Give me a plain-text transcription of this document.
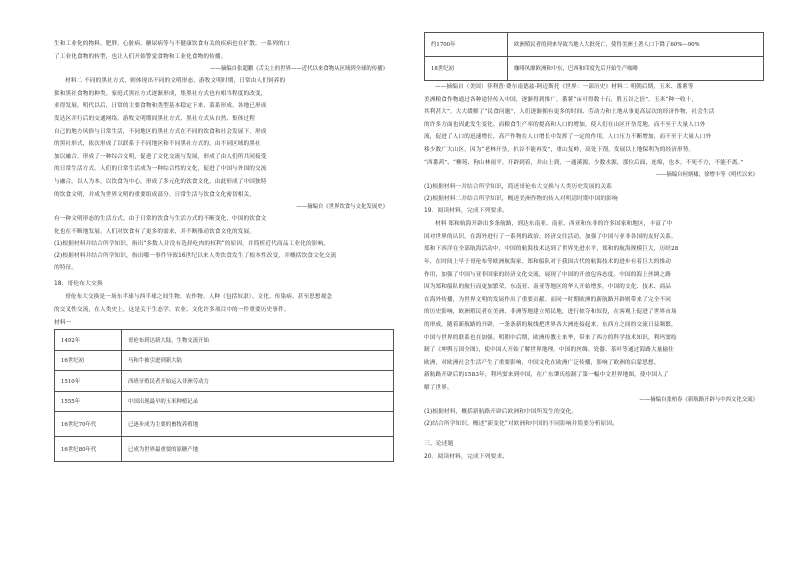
生和工业化的物料。肥胖、心脏病、糖尿病等与不健康饮食有关的疾病也在扩散。一系列的口

了工业化食物的转型，也让人们开始警觉食物和工业化食物的传播。

——摘编自张超鹏《舌尖上的世界——近代以来食物从区域到全球的传播》

材料二 不同的黑社方式，则体现出不同的文明形态。游牧文明时期，日常由人们饲养的

狱和黑社食物的种类。家庭式黑社方式逐渐形成，集黑社方式也有相当程度的改变，

求得发展。明代以后，日常的主要食物和类型基本稳定下来，菜系形成。各地已形成

发达区并行后的交通网络。游牧文明期间黑社方式、黑社方式从自然、集体过程

自己的地方风俗与日常生活，不同地区的黑社方式在不同的饮食和社会发展下，形成

的黑社形式，依次形成了以联系于不同地区和不同黑社方式的，由不同区域的黑社

加以融合，形成了一种综合文明，促进了文化交流与发展，形成了由人们所共同接受

的日常生活方式。人们的日常生活成为一种综合性的文化，促进了中国与外国的交流

与融合。以人为本，以饮食为中心，形成了多元化的饮食文化，由此形成了中国独特

的饮食文明，并成为世界文明的重要组成部分。日常生活与饮食文化密切相关，

——摘编自《世界饮食与文化发展史》

有一种文明形态的生活方式。由于日常的饮食与生活方式的不断变化，中国的饮食文

化也在不断地发展。人们对饮食有了更多的需求，并不断推动饮食文化的发展。

(1)根据材料并结合所学知识，指出“多数人并没有选择吃肉的权利”的原因，并简析近代商品工业化的影响。

(2)根据材料并结合所学知识，指出哪一事件导致16世纪以来人类饮食发生了根本性改变，并概括饮食文化交流

的特征。

18．哥伦布大交换

哥伦布大交换是一场东半球与西半球之间生物、农作物、人种（包括奴隶）、文化、传染病、甚至思想观念

的交叉性交流，在人类史上，这是关于生态学、农业、文化许多项目中的一件重要历史事件。

材料一

1492年	哥伦布到达新大陆，生物交流开始
16世纪初	马和牛被引进到新大陆
1510年	西班牙殖民者开始运入非洲劳动力
1555年	中国出现最早的玉米种植记录
16世纪70年代	已逐步成为主要的畜牧养殖地
16世纪80年代	已成为世界最重要的原糖产地
约1700年	欧洲殖民者的到来导致当地人大批死亡，使得美洲土著人口下降了60%—90%
18世纪初	咖啡风靡欧洲和中东，巴西和印度先后开始生产咖啡

——摘编自（美国）菲利普·费尔南德兹-阿迈斯托《世界：一部历史》材料二 明朝后期，玉米、番薯等

美洲粮食作物通过各种途径传入中国，逐渐得到推广。番薯“亩可得数十石，胜五谷之倍”。玉米“种一收十，

其利甚大”。大大缓解了“民食问题”，人们逐渐拥有更多的时间、劳动力和土地从事更高层次的经济作物，社会生活

的许多方面也因此发生变化。而粮食生产率的提高和人口的增加，使人们在山区开垦荒地，而不至于大量人口外

流，促进了人口的迅速增长，高产作物在人口增长中发挥了一定的作用，人口压力不断增加，而不至于大量人口外

移少数广大山区。因为“老林开垦，扒谷不能再发”，重山复岭，高处下削，发展以土地保利为的经济形势。

“西番茜”、“柳苑、狗山林雨平，开辟到着，并山上到，一通溪源，少数水源，那位后面，连绵，也本，不死不方，不能不离。”

——摘编自何炳棣，徐增丰等《明代以来》

(1)根据材料一并结合所学知识，简述哥伦布大交换与人类历史发展的关系

(2)根据材料二并结合所学知识，概述美洲作物的传入对明清时期中国的影响

19．阅读材料，完成下列要求。

材料 郑和航海开辟出多条航路，到达东南亚、南亚、西亚和东非的许多国家和地区，丰富了中

国对世界的认识，在海外进行了一系列的政治、经济交往活动，加强了中国与亚非各国的友好关系。

郑和下西洋在全部航海活动中，中国的航海技术达到了世界先进水平，郑和的航海规模巨大，历经28

年，在时间上早于哥伦布等欧洲航海家。郑和船队对于我国古代的航海技术的进步有着巨大的推动

作用，加强了中国与亚非国家的经济文化交流，展现了中国的开放包容态度。中国的海上丝绸之路

因为郑和船队的航行而更加繁荣，东南亚、南亚等地区的华人开始增多，中国的文化、技术、商品

在海外传播，为世界文明的发展作出了重要贡献。而同一时期欧洲的新航路开辟则带来了完全不同

的历史影响，欧洲殖民者在美洲、非洲等地建立殖民地，进行掠夺和奴役，在客观上促进了世界市场

的形成。随着新航路的开辟，一条条新的航线把世界各大洲连接起来，东西方之间的交流日益频繁，

中国与世界的联系也在加强。明朝中后期，欧洲传教士来华，带来了西方的科学技术知识，利玛窦绘

制了《坤舆万国全图》，使中国人开始了解世界地理。中国的丝绸、瓷器、茶叶等通过海路大量输往

欧洲，对欧洲社会生活产生了重要影响，中国文化在欧洲广泛传播，影响了欧洲的启蒙思想。

新航路开辟后的1583年，利玛窦来到中国，在广东肇庆绘制了第一幅中文世界地图，使中国人了

解了世界。

——摘编自张柏春《新航路开辟与中西文化交流》

(1)根据材料，概括新航路开辟后欧洲和中国所发生的变化。

(2)结合所学知识，概述“新变化”对欧洲和中国的不同影响并简要分析原因。

三、论述题

20．阅读材料，完成下列要求。
